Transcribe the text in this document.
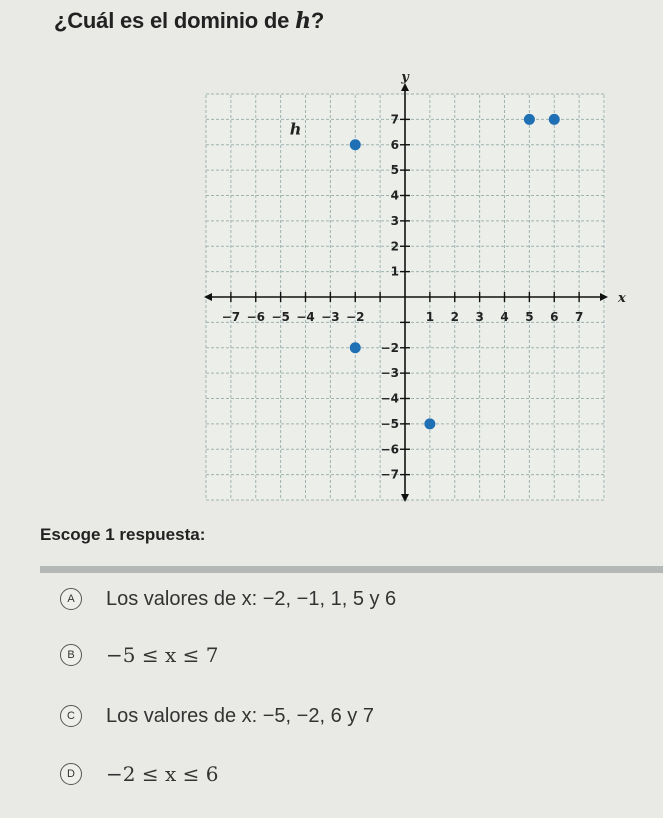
¿Cuál es el dominio de h?
−7 −6 −5 −4 −3 −2	1 2 3 4 5 6 7
7
6
5
4
3
2
1
−2
−3
−4
−5
−6
−7
y
x
h
Escoge 1 respuesta:
A	Los valores de x: −2, −1, 1, 5 y 6
B	−5 ≤ x ≤ 7
C	Los valores de x: −5, −2, 6 y 7
D	−2 ≤ x ≤ 6
